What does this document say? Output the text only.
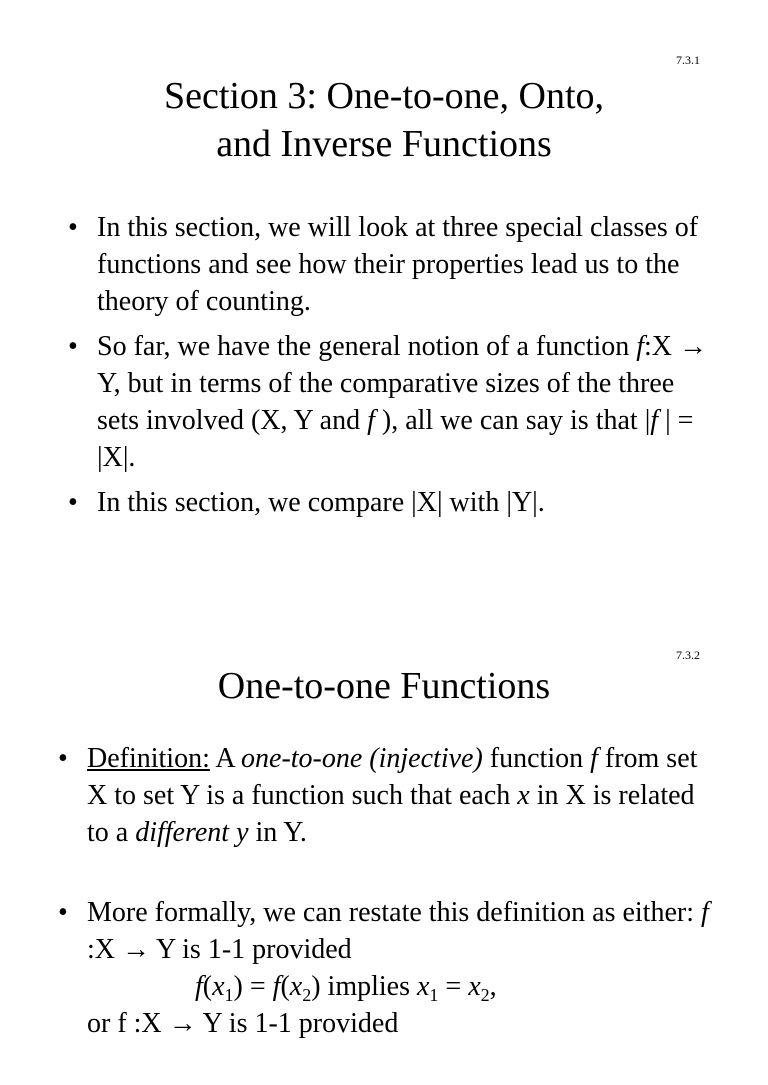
7.3.1
Section 3: One-to-one, Onto,
and Inverse Functions
• In this section, we will look at three special classes of functions and see how their properties lead us to the theory of counting.
• So far, we have the general notion of a function f:X → Y, but in terms of the comparative sizes of the three sets involved (X, Y and f ), all we can say is that |f | = |X|.
• In this section, we compare |X| with |Y|.
7.3.2
One-to-one Functions
• Definition: A one-to-one (injective) function f from set X to set Y is a function such that each x in X is related to a different y in Y.
• More formally, we can restate this definition as either: f :X → Y is 1-1 provided
$f(x_1) = f(x_2)$ implies $x_1 = x_2$,
or f :X → Y is 1-1 provided
